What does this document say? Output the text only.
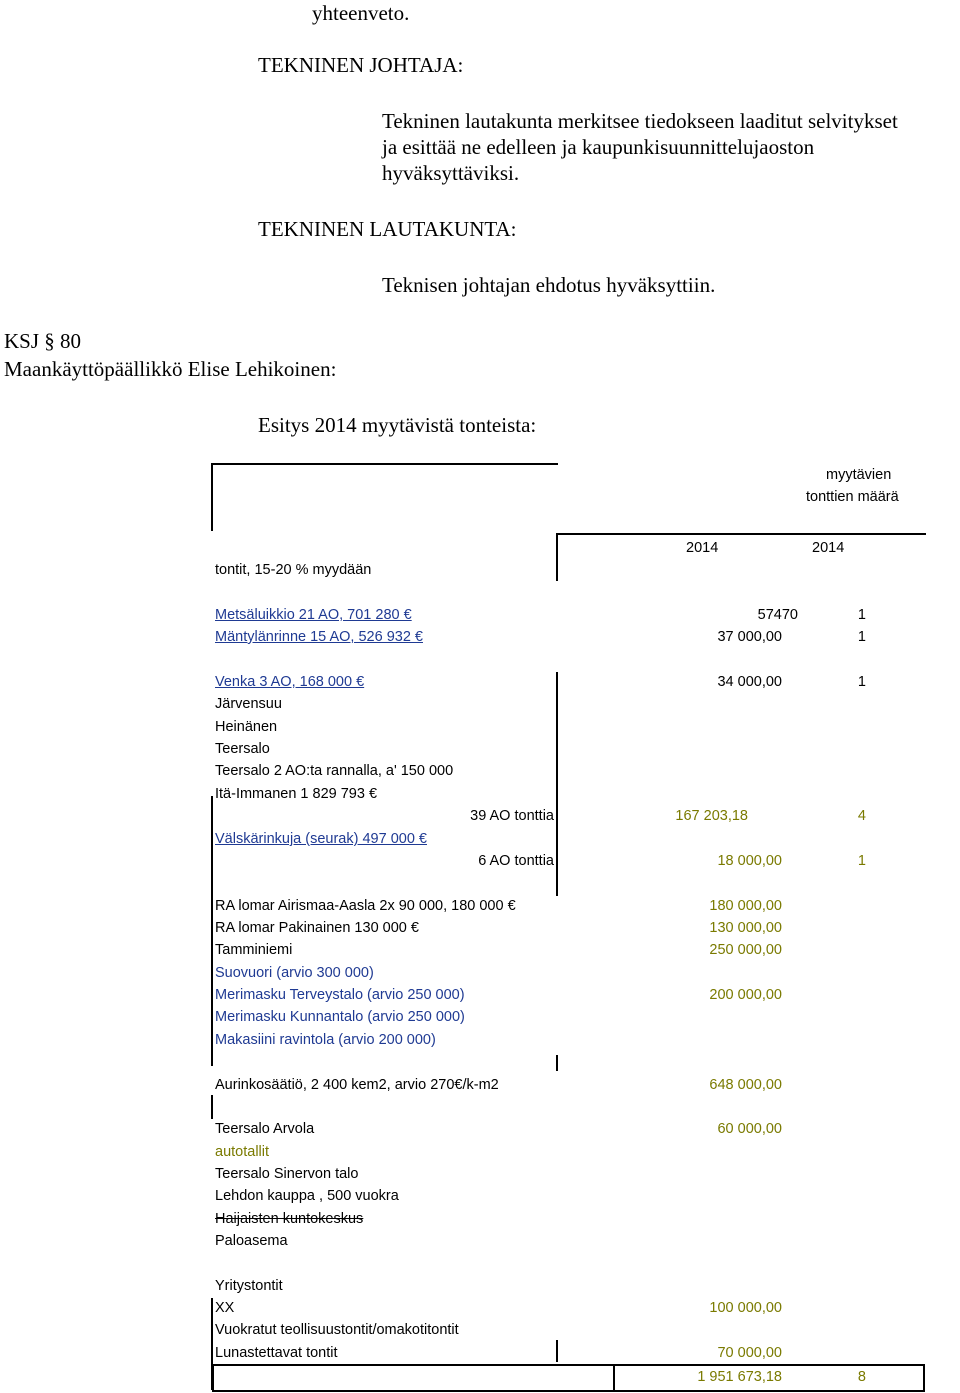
yhteenveto.
TEKNINEN JOHTAJA:
Tekninen lautakunta merkitsee tiedokseen laaditut selvitykset
ja esittää ne edelleen ja kaupunkisuunnittelujaoston
hyväksyttäviksi.
TEKNINEN LAUTAKUNTA:
Teknisen johtajan ehdotus hyväksyttiin.
KSJ § 80
Maankäyttöpäällikkö Elise Lehikoinen:
Esitys 2014 myytävistä tonteista:
myytävien
tonttien määrä
2014	2014
tontit, 15-20 % myydään
Metsäluikkio 21 AO, 701 280 €	57470	1
Mäntylänrinne 15 AO, 526 932 €	37 000,00	1
Venka 3 AO, 168 000 €	34 000,00	1
Järvensuu
Heinänen
Teersalo
Teersalo 2 AO:ta rannalla, a' 150 000
Itä-Immanen 1 829 793 €
39 AO tonttia	167 203,18	4
Välskärinkuja (seurak) 497 000 €
6 AO tonttia	18 000,00	1
RA lomar Airismaa-Aasla 2x 90 000, 180 000 €	180 000,00
RA lomar Pakinainen 130 000 €	130 000,00
Tamminiemi	250 000,00
Suovuori (arvio 300 000)
Merimasku Terveystalo (arvio 250 000)	200 000,00
Merimasku Kunnantalo (arvio 250 000)
Makasiini ravintola (arvio 200 000)
Aurinkosäätiö, 2 400 kem2, arvio 270€/k-m2	648 000,00
Teersalo Arvola	60 000,00
autotallit
Teersalo Sinervon talo
Lehdon kauppa , 500 vuokra
Haijaisten kuntokeskus
Paloasema
Yritystontit
XX	100 000,00
Vuokratut teollisuustontit/omakotitontit
Lunastettavat tontit	70 000,00
1 951 673,18	8
